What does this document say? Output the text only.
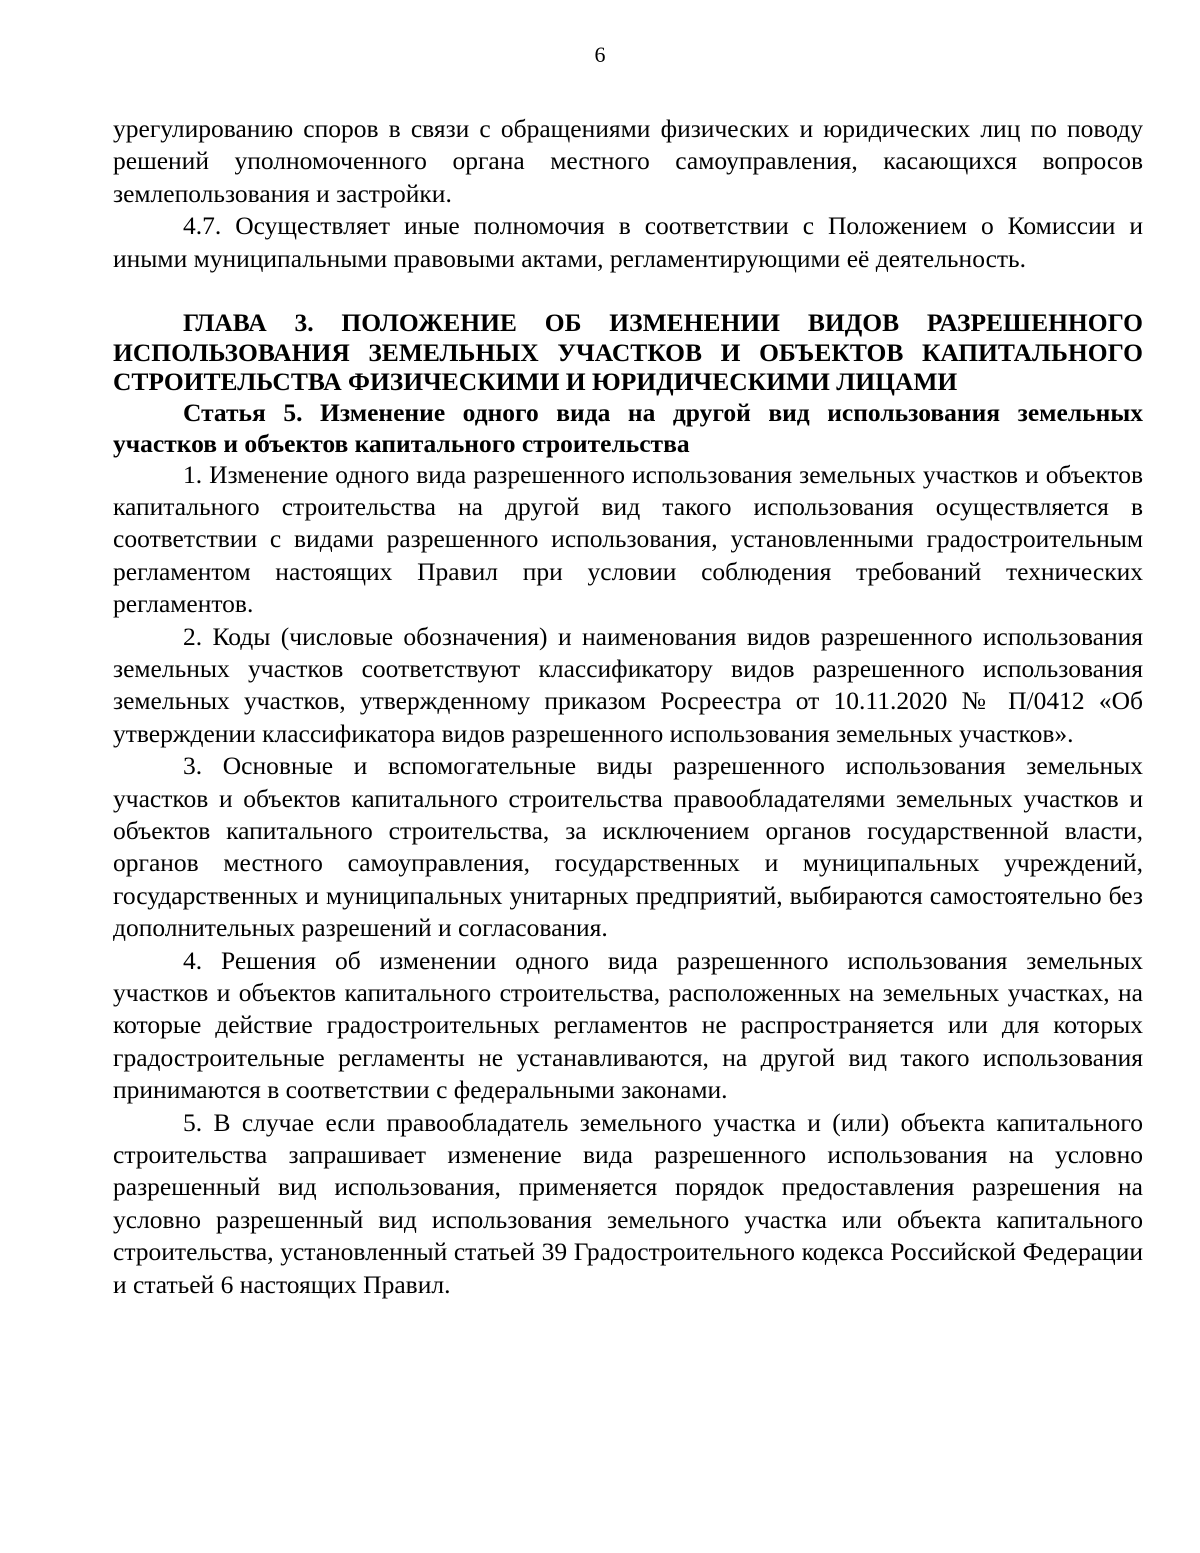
6

урегулированию споров в связи с обращениями физических и юридических лиц по поводу решений уполномоченного органа местного самоуправления, касающихся вопросов землепользования и застройки.

4.7. Осуществляет иные полномочия в соответствии с Положением о Комиссии и иными муниципальными правовыми актами, регламентирующими её деятельность.

ГЛАВА 3. ПОЛОЖЕНИЕ ОБ ИЗМЕНЕНИИ ВИДОВ РАЗРЕШЕННОГО ИСПОЛЬЗОВАНИЯ ЗЕМЕЛЬНЫХ УЧАСТКОВ И ОБЪЕКТОВ КАПИТАЛЬНОГО СТРОИТЕЛЬСТВА ФИЗИЧЕСКИМИ И ЮРИДИЧЕСКИМИ ЛИЦАМИ

Статья 5. Изменение одного вида на другой вид использования земельных участков и объектов капитального строительства

1. Изменение одного вида разрешенного использования земельных участков и объектов капитального строительства на другой вид такого использования осуществляется в соответствии с видами разрешенного использования, установленными градостроительным регламентом настоящих Правил при условии соблюдения требований технических регламентов.

2. Коды (числовые обозначения) и наименования видов разрешенного использования земельных участков соответствуют классификатору видов разрешенного использования земельных участков, утвержденному приказом Росреестра от 10.11.2020 № П/0412 «Об утверждении классификатора видов разрешенного использования земельных участков».

3. Основные и вспомогательные виды разрешенного использования земельных участков и объектов капитального строительства правообладателями земельных участков и объектов капитального строительства, за исключением органов государственной власти, органов местного самоуправления, государственных и муниципальных учреждений, государственных и муниципальных унитарных предприятий, выбираются самостоятельно без дополнительных разрешений и согласования.

4. Решения об изменении одного вида разрешенного использования земельных участков и объектов капитального строительства, расположенных на земельных участках, на которые действие градостроительных регламентов не распространяется или для которых градостроительные регламенты не устанавливаются, на другой вид такого использования принимаются в соответствии с федеральными законами.

5. В случае если правообладатель земельного участка и (или) объекта капитального строительства запрашивает изменение вида разрешенного использования на условно разрешенный вид использования, применяется порядок предоставления разрешения на условно разрешенный вид использования земельного участка или объекта капитального строительства, установленный статьей 39 Градостроительного кодекса Российской Федерации и статьей 6 настоящих Правил.
